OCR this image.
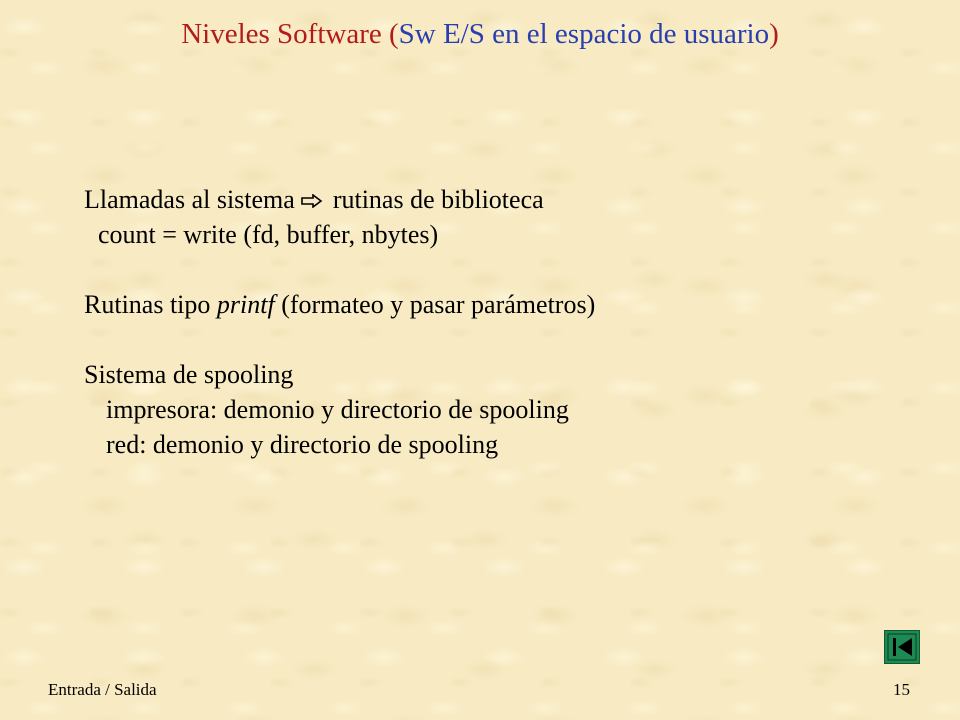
Niveles Software (Sw E/S en el espacio de usuario)
Llamadas al sistema rutinas de biblioteca
count = write (fd, buffer, nbytes)
Rutinas tipo printf (formateo y pasar parámetros)
Sistema de spooling
impresora: demonio y directorio de spooling
red: demonio y directorio de spooling
Entrada / Salida	15
